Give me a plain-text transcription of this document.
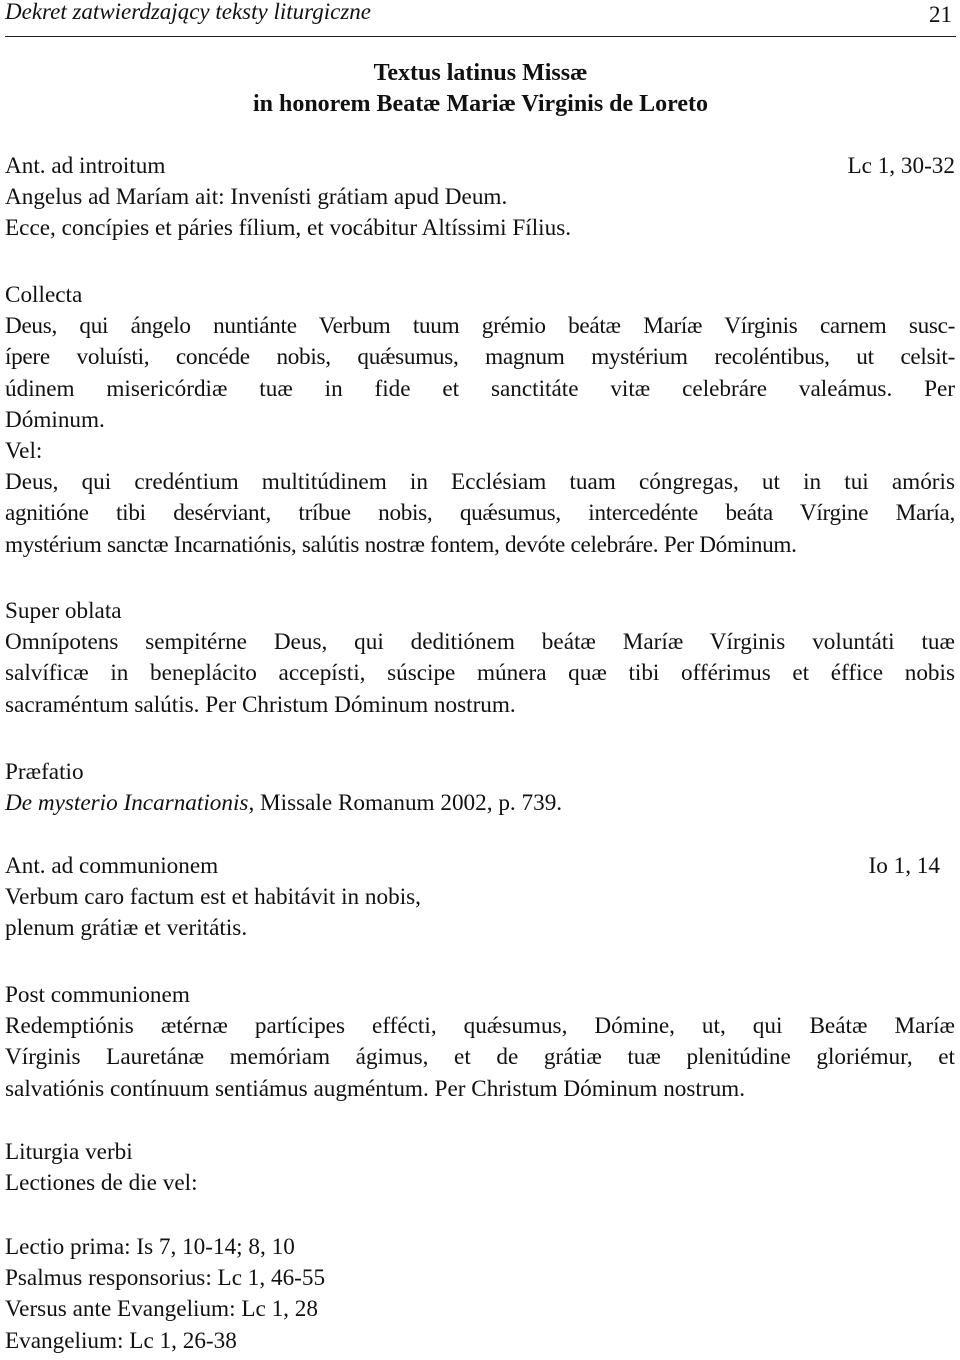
Dekret zatwierdzający teksty liturgiczne	21
Textus latinus Missæ
in honorem Beatæ Mariæ Virginis de Loreto
Ant. ad introitum	Lc 1, 30-32
Angelus ad Maríam ait: Invenísti grátiam apud Deum.
Ecce, concípies et páries fílium, et vocábitur Altíssimi Fílius.
Collecta
Deus, qui ángelo nuntiánte Verbum tuum grémio beátæ Maríæ Vírginis carnem susc-
ípere voluísti, concéde nobis, quǽsumus, magnum mystérium recoléntibus, ut celsit-
údinem misericórdiæ tuæ in fide et sanctitáte vitæ celebráre valeámus. Per
Dóminum.
Vel:
Deus, qui credéntium multitúdinem in Ecclésiam tuam cóngregas, ut in tui amóris
agnitióne tibi desérviant, tríbue nobis, quǽsumus, intercedénte beáta Vírgine María,
mystérium sanctæ Incarnatiónis, salútis nostræ fontem, devóte celebráre. Per Dóminum.
Super oblata
Omnípotens sempitérne Deus, qui deditiónem beátæ Maríæ Vírginis voluntáti tuæ
salvíficæ in beneplácito accepísti, súscipe múnera quæ tibi offérimus et éffice nobis
sacraméntum salútis. Per Christum Dóminum nostrum.
Præfatio
De mysterio Incarnationis, Missale Romanum 2002, p. 739.
Ant. ad communionem	Io 1, 14
Verbum caro factum est et habitávit in nobis,
plenum grátiæ et veritátis.
Post communionem
Redemptiónis ætérnæ partícipes effécti, quǽsumus, Dómine, ut, qui Beátæ Maríæ
Vírginis Lauretánæ memóriam ágimus, et de grátiæ tuæ plenitúdine gloriémur, et
salvatiónis contínuum sentiámus augméntum. Per Christum Dóminum nostrum.
Liturgia verbi
Lectiones de die vel:
Lectio prima: Is 7, 10-14; 8, 10
Psalmus responsorius: Lc 1, 46-55
Versus ante Evangelium: Lc 1, 28
Evangelium: Lc 1, 26-38
